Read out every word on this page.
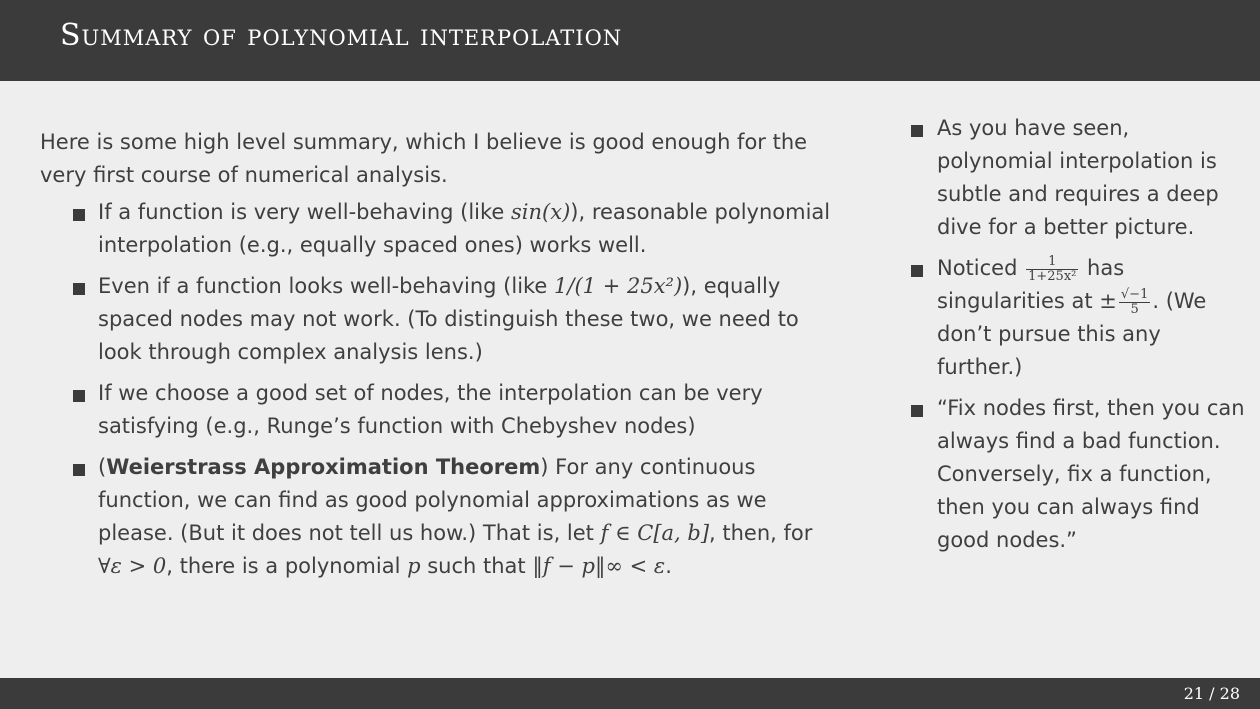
Summary of polynomial interpolation

Here is some high level summary, which I believe is good enough for the very first course of numerical analysis.

If a function is very well-behaving (like sin(x)), reasonable polynomial interpolation (e.g., equally spaced ones) works well.
Even if a function looks well-behaving (like 1/(1 + 25x²)), equally spaced nodes may not work. (To distinguish these two, we need to look through complex analysis lens.)
If we choose a good set of nodes, the interpolation can be very satisfying (e.g., Runge’s function with Chebyshev nodes)
(Weierstrass Approximation Theorem) For any continuous function, we can find as good polynomial approximations as we please. (But it does not tell us how.) That is, let f ∈ C[a, b], then, for ∀ε > 0, there is a polynomial p such that ‖f − p‖∞ < ε.
As you have seen, polynomial interpolation is subtle and requires a deep dive for a better picture.
Noticed $\frac{1}{\text{1+25x²}}$ has singularities at ± $\frac{√-1}{5}$ . (We don’t pursue this any further.)
“Fix nodes first, then you can always find a bad function. Conversely, fix a function, then you can always find good nodes.”
21 / 28
